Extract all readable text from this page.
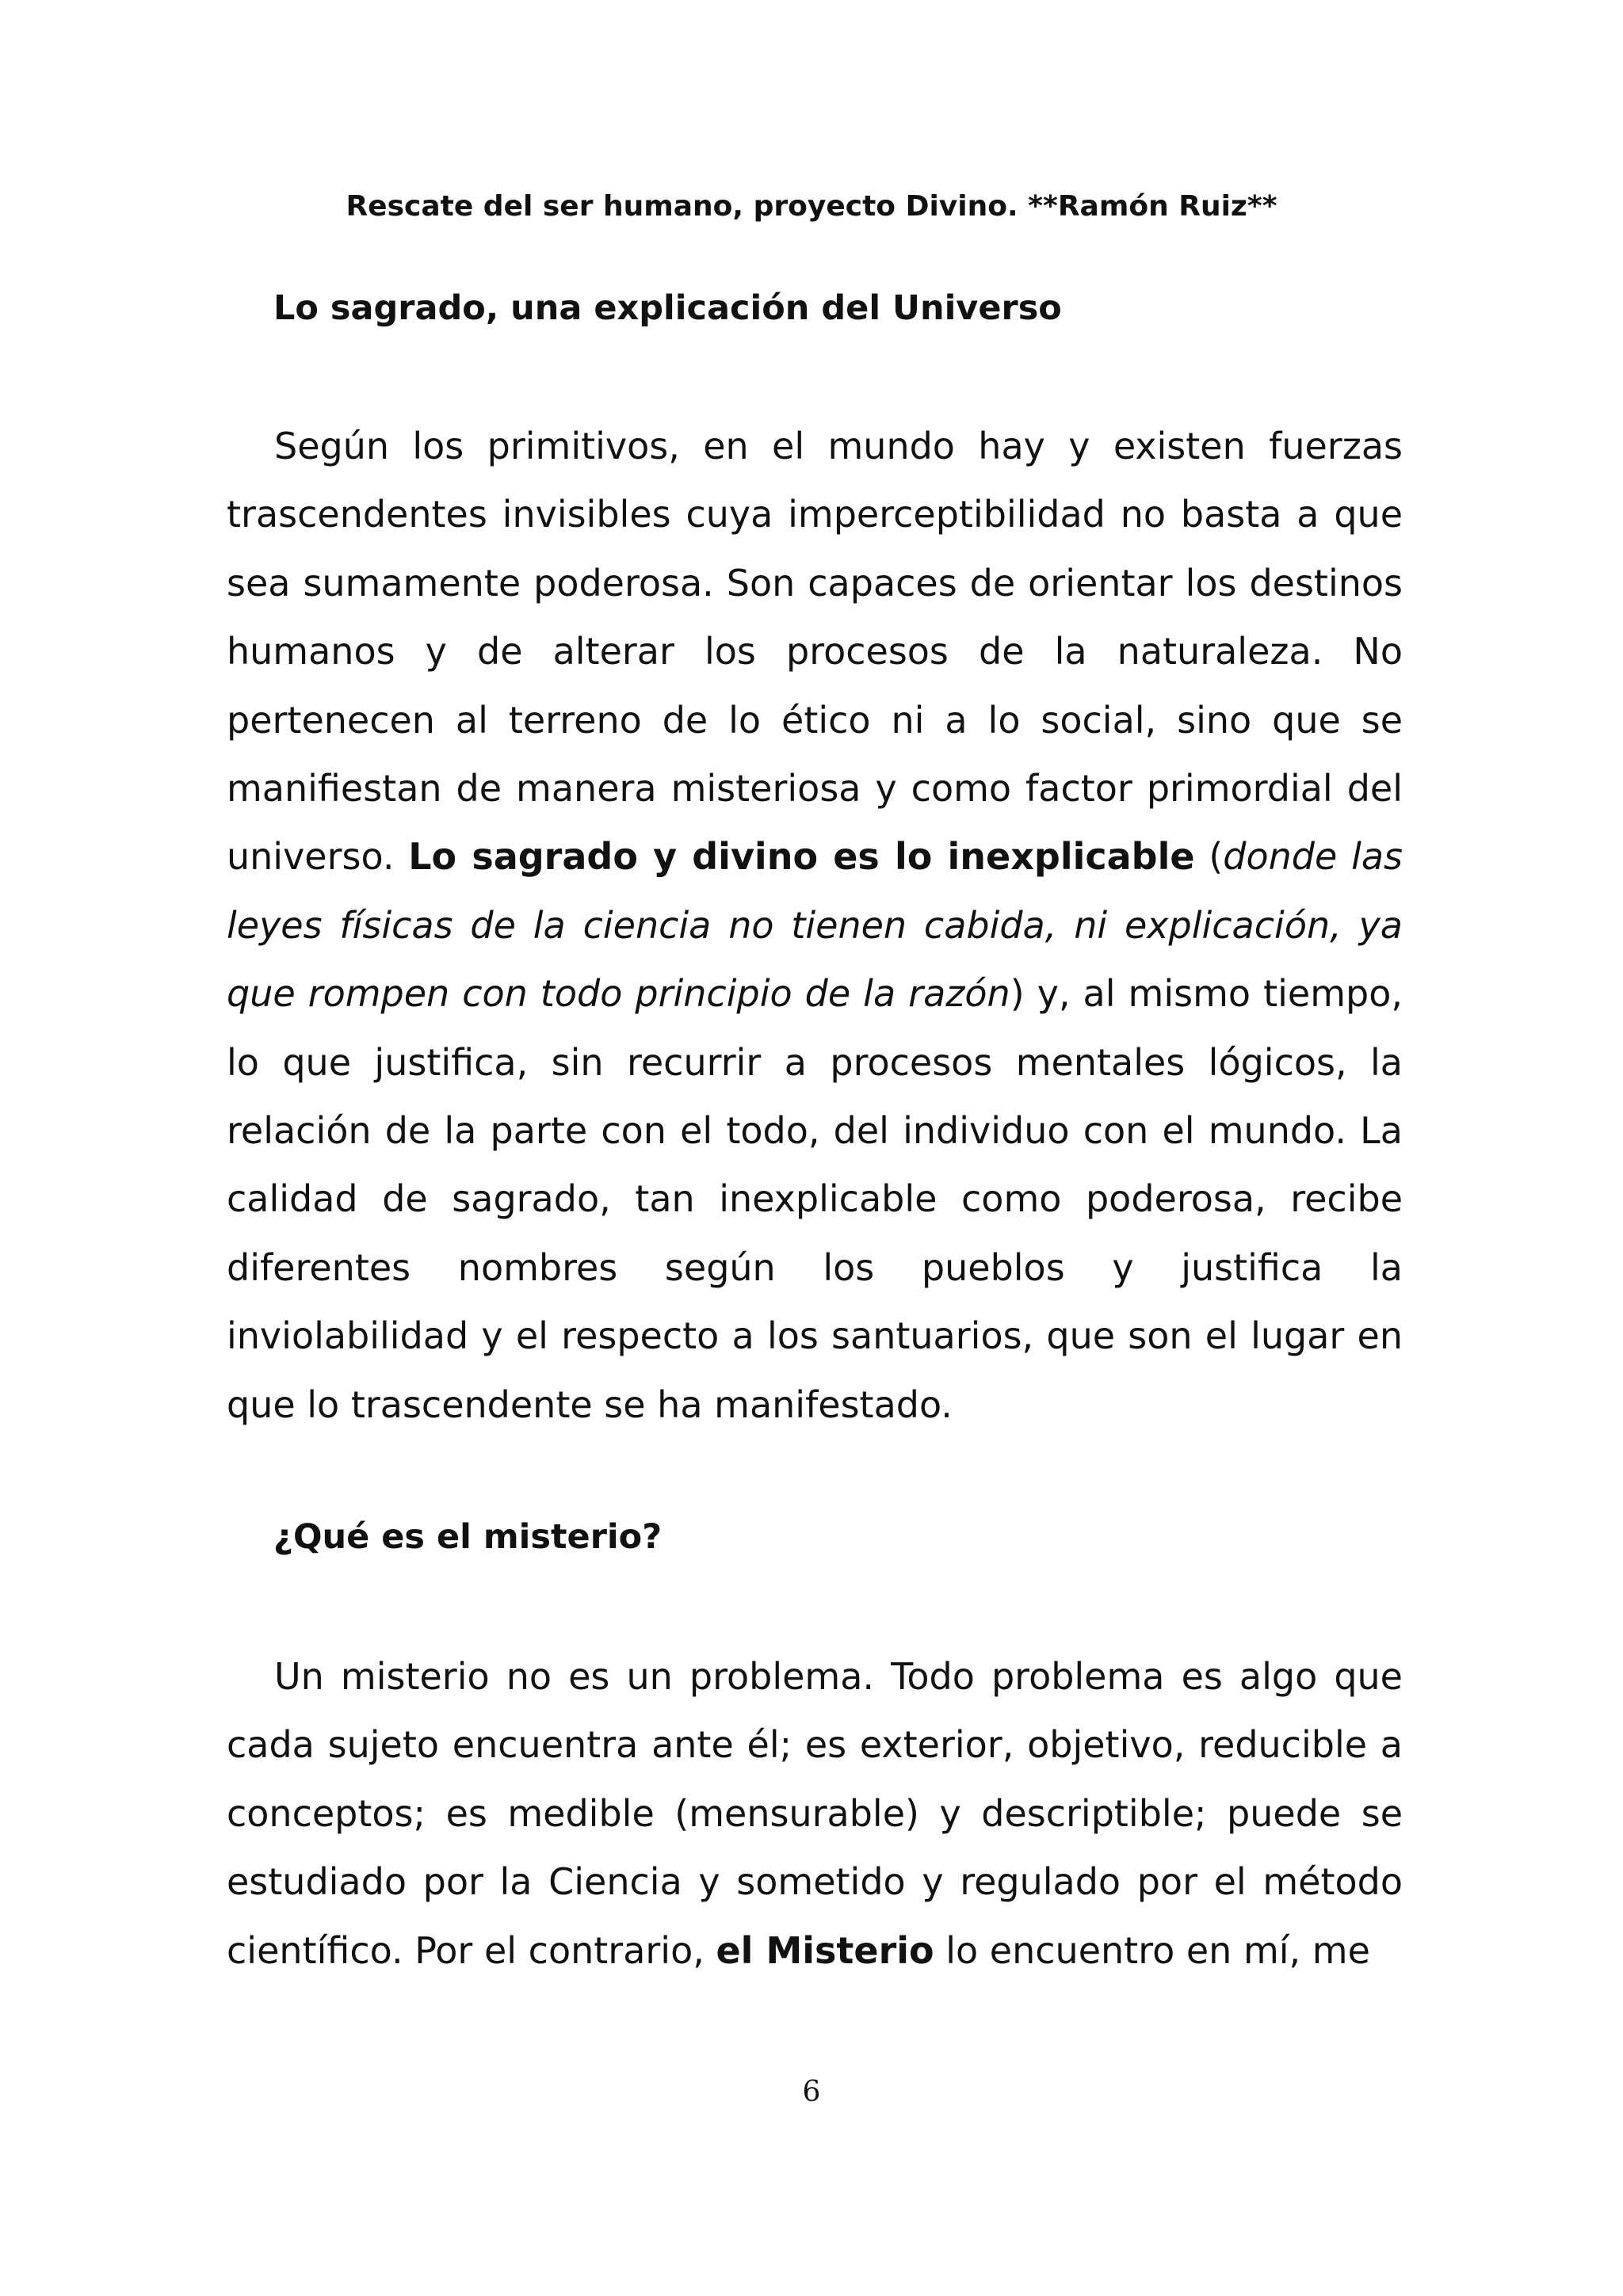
Rescate del ser humano, proyecto Divino. **Ramón Ruiz**
Lo sagrado, una explicación del Universo

Según los primitivos, en el mundo hay y existen fuerzas trascendentes invisibles cuya imperceptibilidad no basta a que sea sumamente poderosa. Son capaces de orientar los destinos humanos y de alterar los procesos de la naturaleza. No pertenecen al terreno de lo ético ni a lo social, sino que se manifiestan de manera misteriosa y como factor primordial del universo. Lo sagrado y divino es lo inexplicable (donde las leyes físicas de la ciencia no tienen cabida, ni explicación, ya que rompen con todo principio de la razón) y, al mismo tiempo, lo que justifica, sin recurrir a procesos mentales lógicos, la relación de la parte con el todo, del individuo con el mundo. La calidad de sagrado, tan inexplicable como poderosa, recibe diferentes nombres según los pueblos y justifica la inviolabilidad y el respecto a los santuarios, que son el lugar en que lo trascendente se ha manifestado.

¿Qué es el misterio?

Un misterio no es un problema. Todo problema es algo que cada sujeto encuentra ante él; es exterior, objetivo, reducible a conceptos; es medible (mensurable) y descriptible; puede se estudiado por la Ciencia y sometido y regulado por el método científico. Por el contrario, el Misterio lo encuentro en mí, me

6
